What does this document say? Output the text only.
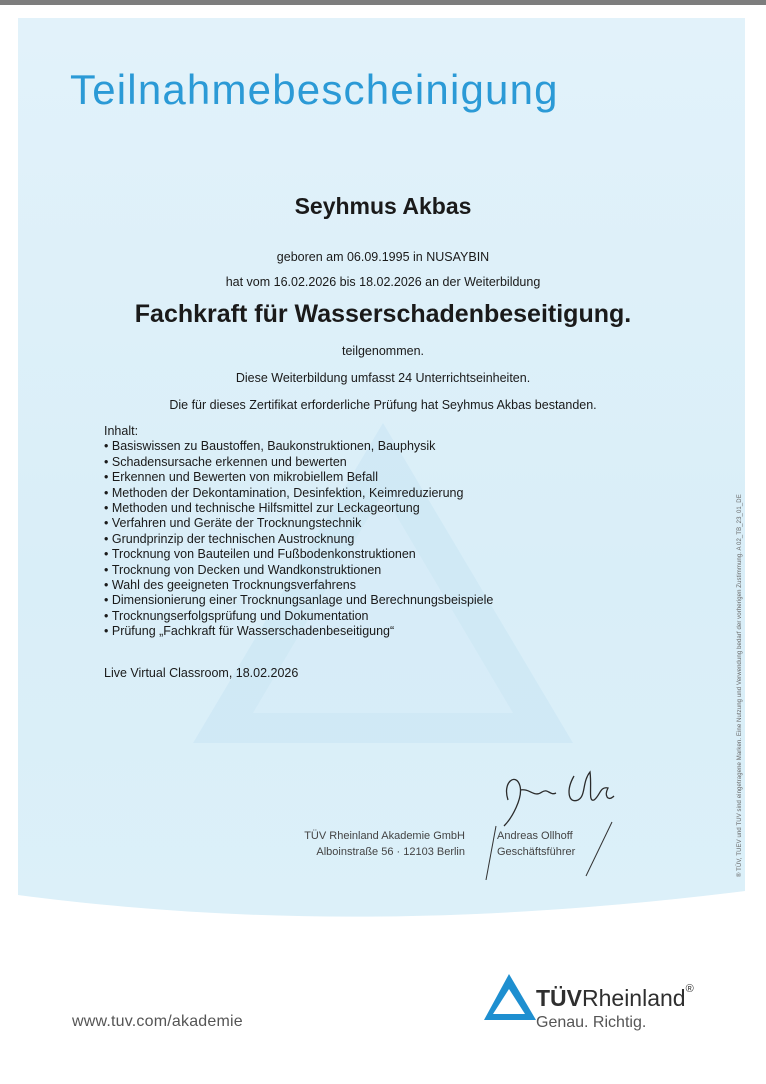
Teilnahmebescheinigung
Seyhmus Akbas
geboren am 06.09.1995 in NUSAYBIN
hat vom 16.02.2026 bis 18.02.2026 an der Weiterbildung
Fachkraft für Wasserschadenbeseitigung.
teilgenommen.
Diese Weiterbildung umfasst 24 Unterrichtseinheiten.
Die für dieses Zertifikat erforderliche Prüfung hat Seyhmus Akbas bestanden.
Inhalt:
• Basiswissen zu Baustoffen, Baukonstruktionen, Bauphysik
• Schadensursache erkennen und bewerten
• Erkennen und Bewerten von mikrobiellem Befall
• Methoden der Dekontamination, Desinfektion, Keimreduzierung
• Methoden und technische Hilfsmittel zur Leckageortung
• Verfahren und Geräte der Trocknungstechnik
• Grundprinzip der technischen Austrocknung
• Trocknung von Bauteilen und Fußbodenkonstruktionen
• Trocknung von Decken und Wandkonstruktionen
• Wahl des geeigneten Trocknungsverfahrens
• Dimensionierung einer Trocknungsanlage und Berechnungsbeispiele
• Trocknungserfolgsprüfung und Dokumentation
• Prüfung „Fachkraft für Wasserschadenbeseitigung“
Live Virtual Classroom, 18.02.2026
TÜV Rheinland Akademie GmbH
Alboinstraße 56 · 12103 Berlin
Andreas Ollhoff
Geschäftsführer	® TÜV, TUEV und TUV sind eingetragene Marken. Eine Nutzung und Verwendung bedarf der vorherigen Zustimmung. A 02_TB_23_01_DE
www.tuv.com/akademie
TÜVRheinland®
Genau. Richtig.
